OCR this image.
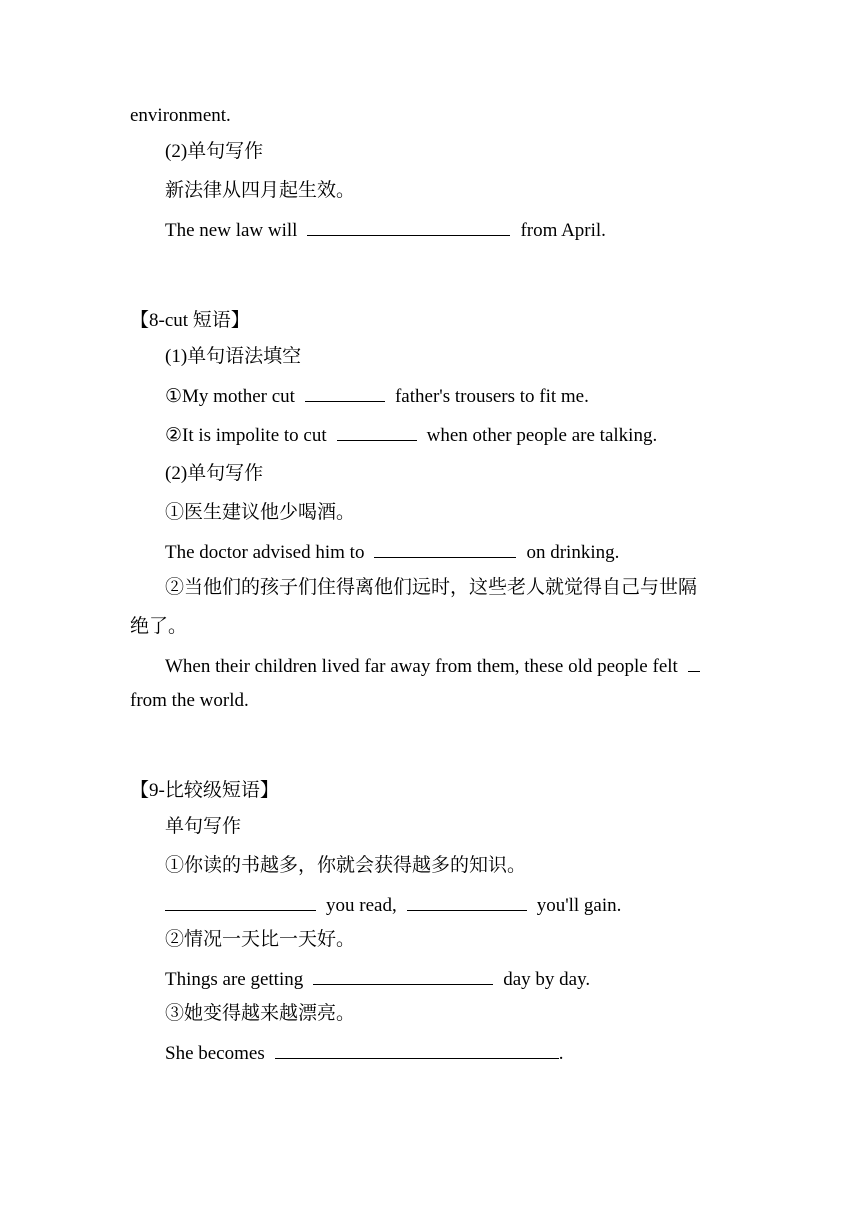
environment.
(2)单句写作
新法律从四月起生效。
The new law will	from April.
【8-cut 短语】
(1)单句语法填空
①My mother cut	father's trousers to fit me.
②It is impolite to cut	when other people are talking.
(2)单句写作
①医生建议他少喝酒。
The doctor advised him to	on drinking.
②当他们的孩子们住得离他们远时，这些老人就觉得自己与世隔
绝了。
When their children lived far away from them, these old people felt
from the world.
【9-比较级短语】
单句写作
①你读的书越多，你就会获得越多的知识。
you read,	you'll gain.
②情况一天比一天好。
Things are getting	day by day.
③她变得越来越漂亮。
She becomes	.
